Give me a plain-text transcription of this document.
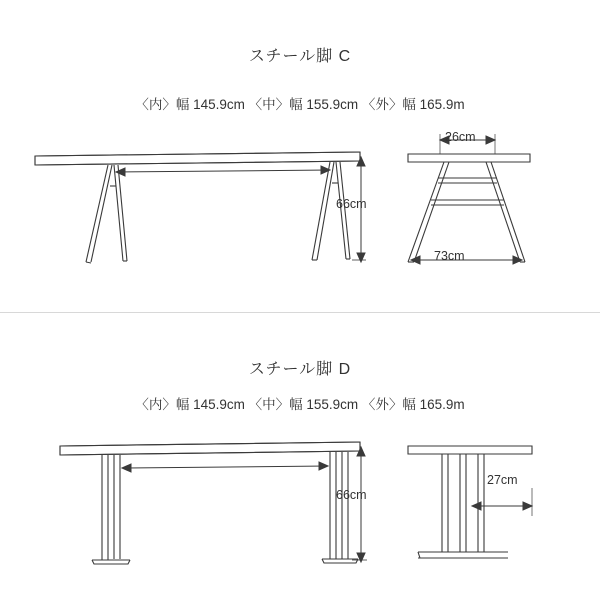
スチール脚 C
〈内〉幅 145.9cm 〈中〉幅 155.9cm 〈外〉幅 165.9m
66cm
26cm
73cm
スチール脚 D
〈内〉幅 145.9cm 〈中〉幅 155.9cm 〈外〉幅 165.9m
66cm
27cm
